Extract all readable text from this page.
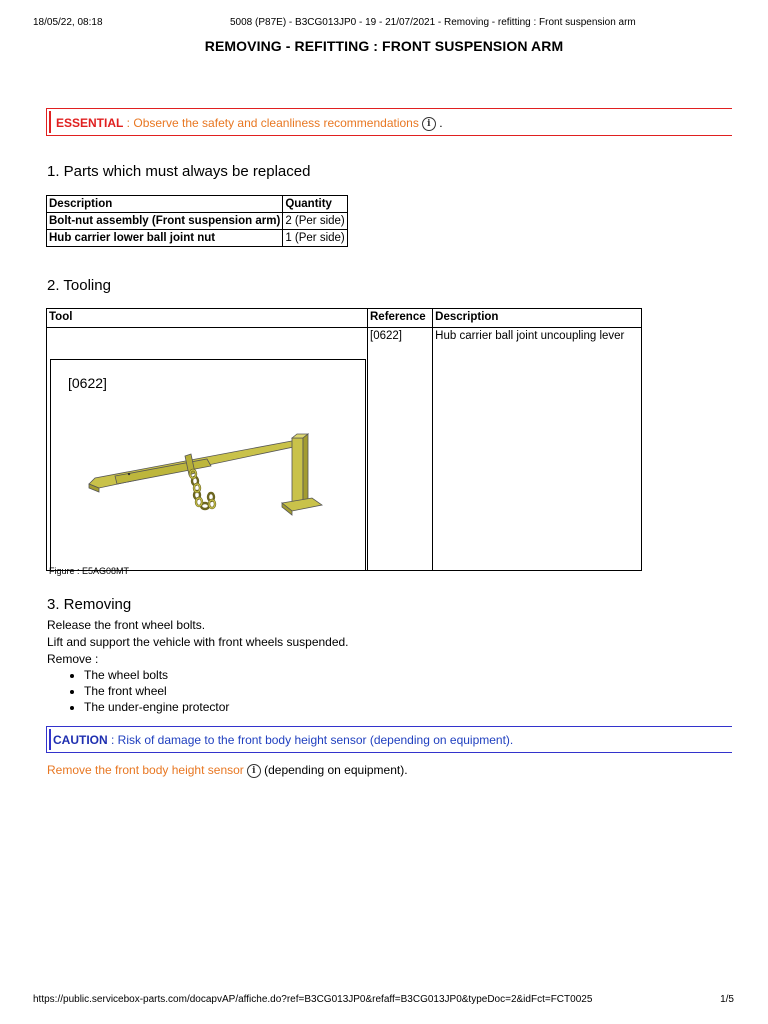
18/05/22, 08:18	5008 (P87E) - B3CG013JP0 - 19 - 21/07/2021 - Removing - refitting : Front suspension arm
REMOVING - REFITTING : FRONT SUSPENSION ARM
ESSENTIAL : Observe the safety and cleanliness recommendations i .
1. Parts which must always be replaced
Description	Quantity
Bolt-nut assembly (Front suspension arm)	2 (Per side)
Hub carrier lower ball joint nut	1 (Per side)
2. Tooling
Tool	Reference	Description

[0622]
Figure : E5AG08MT	[0622]	Hub carrier ball joint uncoupling lever
3. Removing
Release the front wheel bolts.
Lift and support the vehicle with front wheels suspended.
Remove :
• The wheel bolts
• The front wheel
• The under-engine protector
CAUTION : Risk of damage to the front body height sensor (depending on equipment).
Remove the front body height sensor i (depending on equipment).
https://public.servicebox-parts.com/docapvAP/affiche.do?ref=B3CG013JP0&refaff=B3CG013JP0&typeDoc=2&idFct=FCT0025	1/5
